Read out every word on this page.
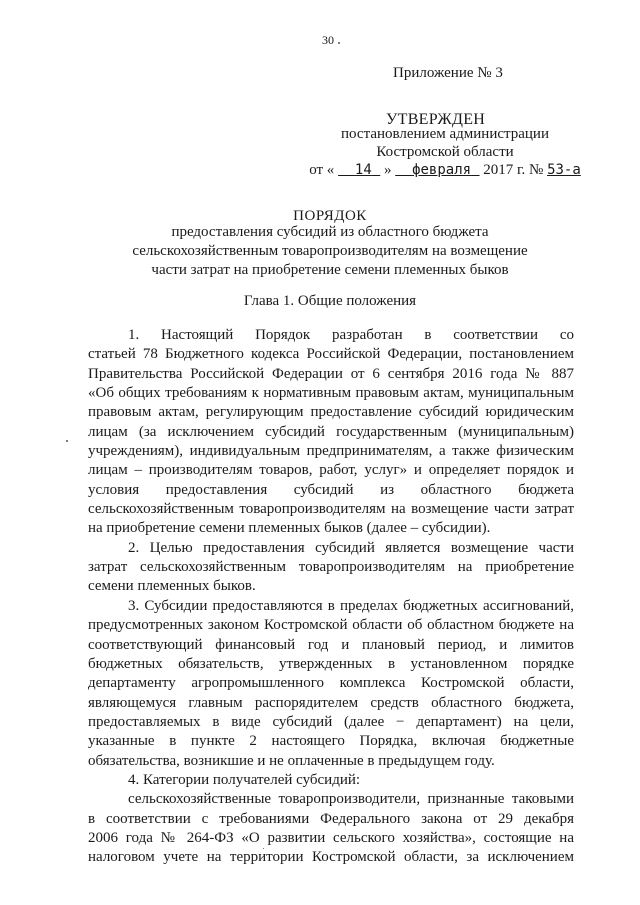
30
Приложение № 3
УТВЕРЖДЕН
постановлением администрации
Костромской области
от « 14 » февраля 2017 г. № 53-а
ПОРЯДОК
предоставления субсидий из областного бюджета
сельскохозяйственным товаропроизводителям на возмещение
части затрат на приобретение семени племенных быков
Глава 1. Общие положения

1. Настоящий Порядок разработан в соответствии со
статьей 78 Бюджетного кодекса Российской Федерации, постановлением
Правительства Российской Федерации от 6 сентября 2016 года № 887
«Об общих требованиям к нормативным правовым актам, муниципальным
правовым актам, регулирующим предоставление субсидий юридическим
лицам (за исключением субсидий государственным (муниципальным)
учреждениям), индивидуальным предпринимателям, а также физическим
лицам – производителям товаров, работ, услуг» и определяет порядок и
условия предоставления субсидий из областного бюджета
сельскохозяйственным товаропроизводителям на возмещение части затрат
на приобретение семени племенных быков (далее – субсидии).

2. Целью предоставления субсидий является возмещение части
затрат сельскохозяйственным товаропроизводителям на приобретение
семени племенных быков.

3. Субсидии предоставляются в пределах бюджетных ассигнований,
предусмотренных законом Костромской области об областном бюджете на
соответствующий финансовый год и плановый период, и лимитов
бюджетных обязательств, утвержденных в установленном порядке
департаменту агропромышленного комплекса Костромской области,
являющемуся главным распорядителем средств областного бюджета,
предоставляемых в виде субсидий (далее − департамент) на цели,
указанные в пункте 2 настоящего Порядка, включая бюджетные
обязательства, возникшие и не оплаченные в предыдущем году.

4. Категории получателей субсидий:

сельскохозяйственные товаропроизводители, признанные таковыми
в соответствии с требованиями Федерального закона от 29 декабря
2006 года № 264-ФЗ «О развитии сельского хозяйства», состоящие на
налоговом учете на территории Костромской области, за исключением
